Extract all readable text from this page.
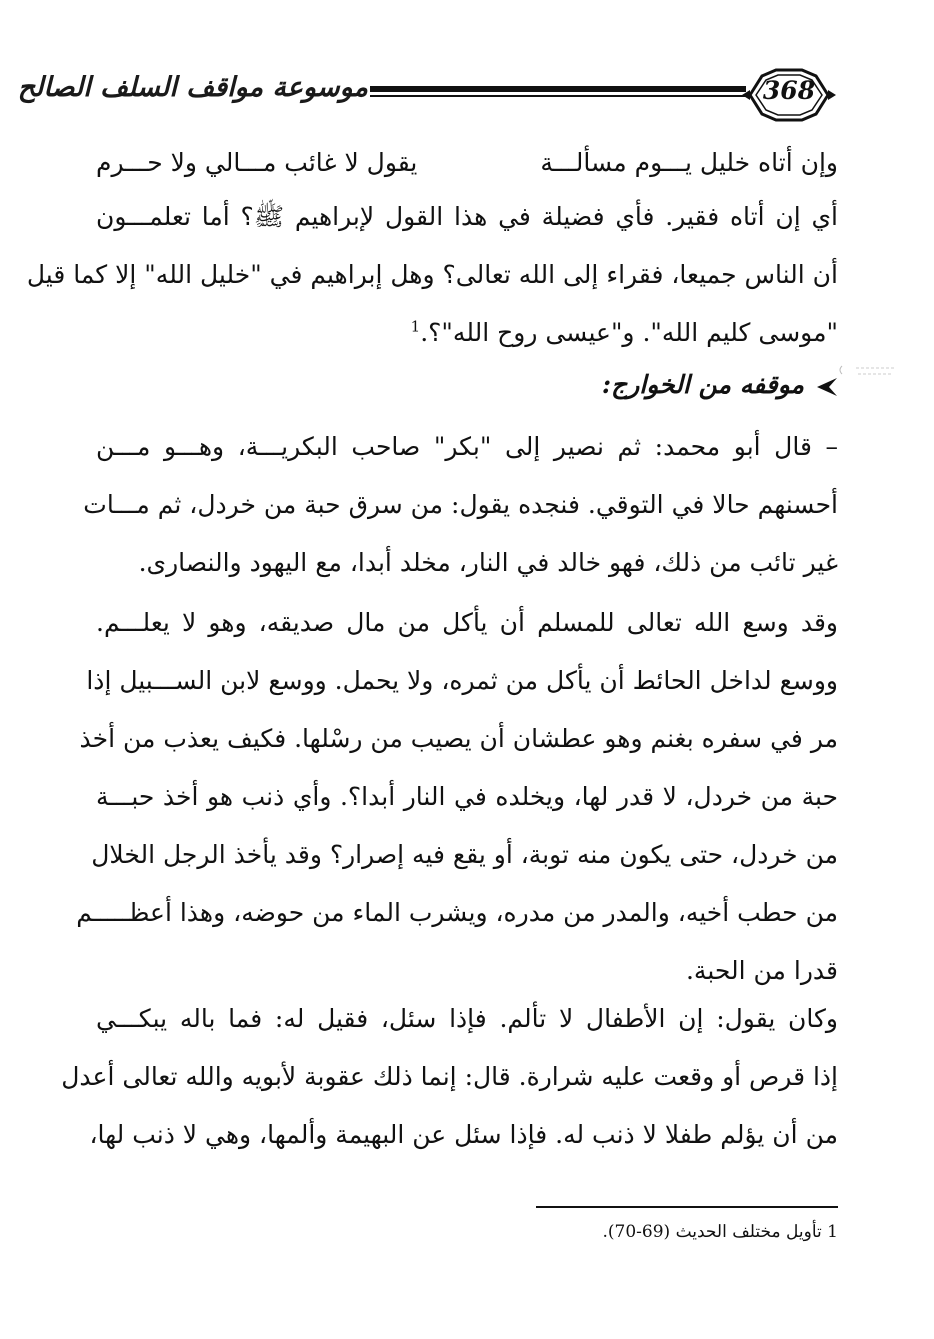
موسوعة مواقف السلف الصالح	368
وإن أتاه خليل يـــوم مسألـــة
يقول لا غائب مـــالي ولا حـــرم
أي إن أتاه فقير. فأي فضيلة في هذا القول لإبراهيم ﷺ؟ أما تعلمـــون
أن الناس جميعا، فقراء إلى الله تعالى؟ وهل إبراهيم في "خليل الله" إلا كما قيل
"موسى كليم الله". و"عيسى روح الله"؟.$^1$
موقفه من الخوارج:
– قال أبو محمد: ثم نصير إلى "بكر" صاحب البكريـــة، وهـــو مـــن
أحسنهم حالا في التوقي. فنجده يقول: من سرق حبة من خردل، ثم مـــات
غير تائب من ذلك، فهو خالد في النار، مخلد أبدا، مع اليهود والنصارى.
وقد وسع الله تعالى للمسلم أن يأكل من مال صديقه، وهو لا يعلـــم.
ووسع لداخل الحائط أن يأكل من ثمره، ولا يحمل. ووسع لابن الســـبيل إذا
مر في سفره بغنم وهو عطشان أن يصيب من رسْلها. فكيف يعذب من أخذ
حبة من خردل، لا قدر لها، ويخلده في النار أبدا؟. وأي ذنب هو أخذ حبـــة
من خردل، حتى يكون منه توبة، أو يقع فيه إصرار؟ وقد يأخذ الرجل الخلال
من حطب أخيه، والمدر من مدره، ويشرب الماء من حوضه، وهذا أعظـــــم
قدرا من الحبة.
وكان يقول: إن الأطفال لا تألم. فإذا سئل، فقيل له: فما باله يبكـــي
إذا قرص أو وقعت عليه شرارة. قال: إنما ذلك عقوبة لأبويه والله تعالى أعدل
من أن يؤلم طفلا لا ذنب له. فإذا سئل عن البهيمة وألمها، وهي لا ذنب لها،
1 تأويل مختلف الحديث (69-70).
